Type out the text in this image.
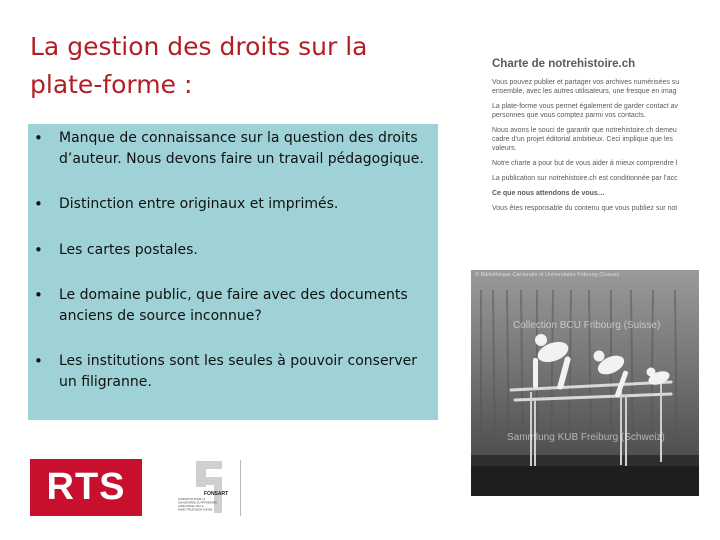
La gestion des droits sur la
plate-forme :
• Manque de connaissance sur la question des droits d’auteur. Nous devons faire un travail pédagogique.
• Distinction entre originaux et imprimés.
• Les cartes postales.
• Le domaine public, que faire avec des documents anciens de source inconnue?
• Les institutions sont les seules à pouvoir conserver un filigranne.
Charte de notrehistoire.ch

Vous pouvez publier et partager vos archives numérisées su

ensemble, avec les autres utilisateurs, une fresque en imag

La plate-forme vous permet également de garder contact av

personnes que vous comptez parmi vos contacts.

Nous avons le souci de garantir que notrehistoire.ch demeu

cadre d’un projet éditorial ambitieux. Ceci implique que les

valeurs.

Notre charte a pour but de vous aider à mieux comprendre l

La publication sur notrehistoire.ch est conditionnée par l’acc

Ce que nous attendons de vous…

Vous êtes responsable du contenu que vous publiez sur not

© Bibliothèque Cantonale et Universitaire Fribourg (Suisse)
Collection BCU Fribourg (Suisse)
Sammlung KUB Freiburg (Schweiz)
RTS	FONSART
FONDATION POUR LA
SAUVEGARDE DU PATRIMOINE
AUDIOVISUEL DE LA
RADIO TÉLÉVISION SUISSE
